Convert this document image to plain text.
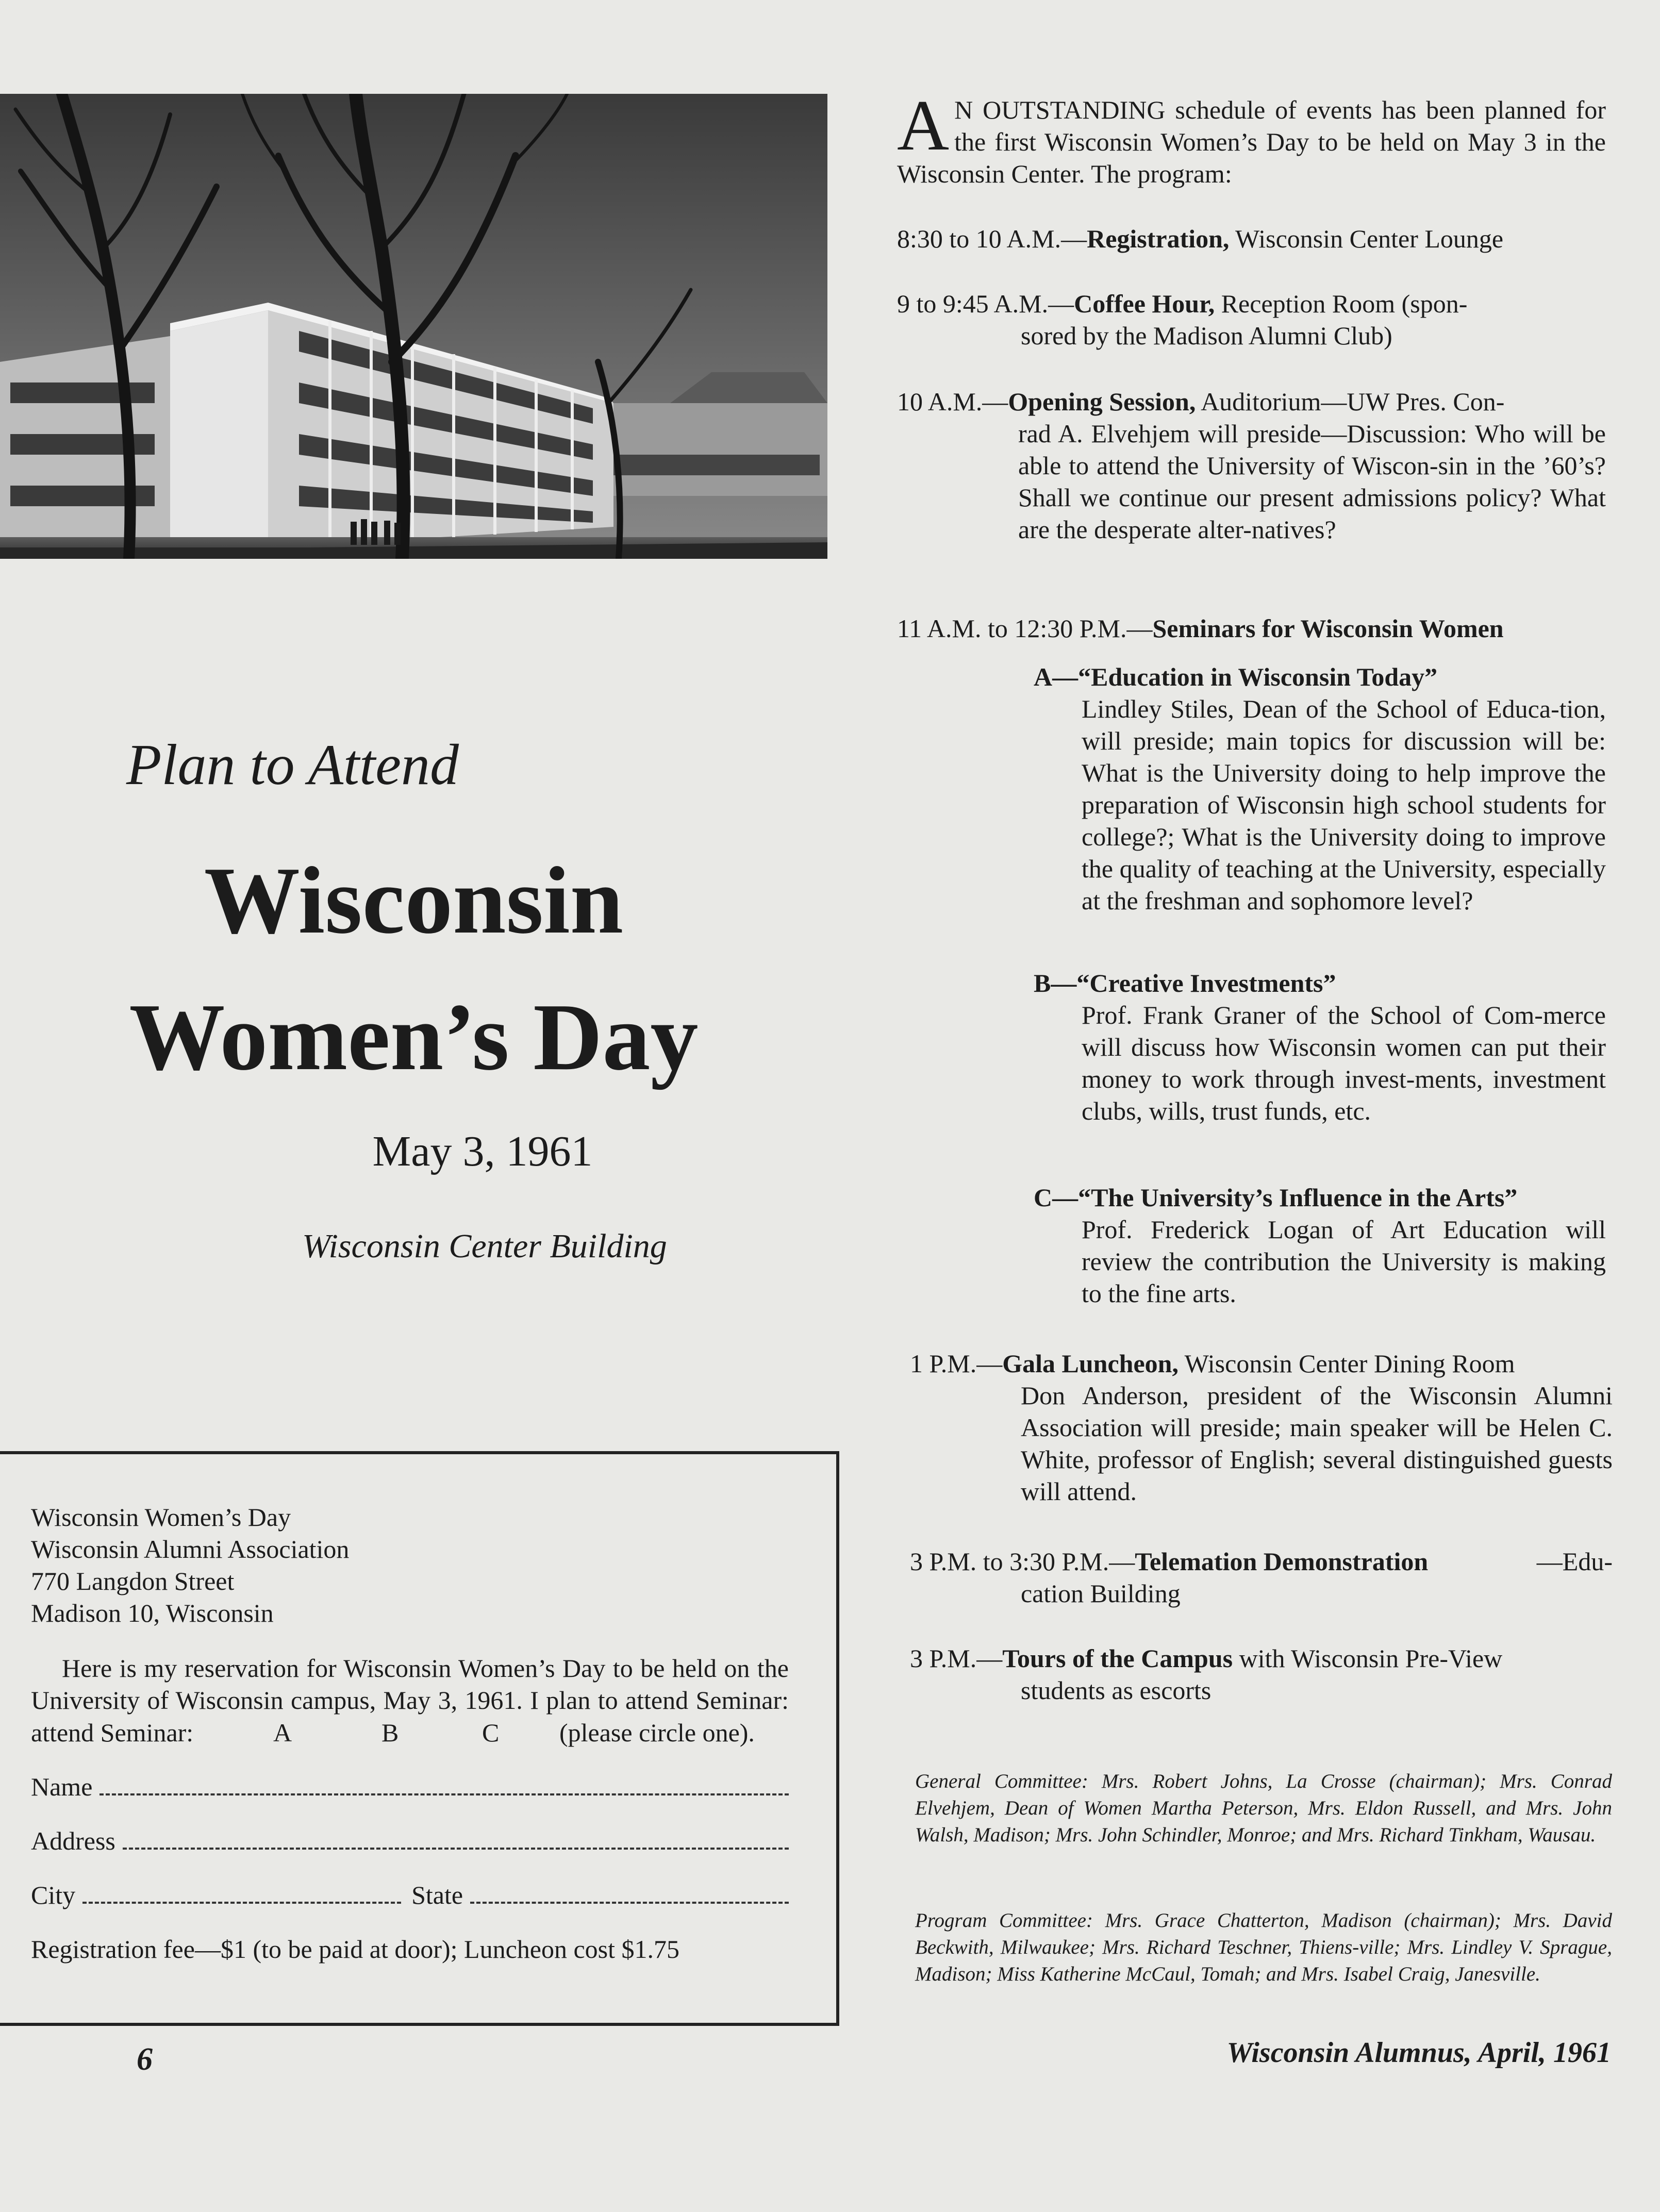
Plan to Attend
Wisconsin
Women’s Day
May 3, 1961
Wisconsin Center Building
Wisconsin Women’s Day
Wisconsin Alumni Association
770 Langdon Street
Madison 10, Wisconsin
Here is my reservation for Wisconsin Women’s Day to be held on the University of Wisconsin campus, May 3, 1961. I plan to attend Seminar:
attend Seminar:	A	B	C (please circle one).
Name
Address
City	State
Registration fee—$1 (to be paid at door); Luncheon cost $1.75
6
A N OUTSTANDING schedule of events has been planned for the first Wisconsin Women’s Day to be held on May 3 in the Wisconsin Center. The program:
8:30 to 10 A.M.—Registration, Wisconsin Center Lounge
9 to 9:45 A.M.—Coffee Hour, Reception Room (spon-
sored by the Madison Alumni Club)
10 A.M.—Opening Session, Auditorium—UW Pres. Con-
rad A. Elvehjem will preside—Discussion: Who will be able to attend the University of Wiscon-sin in the ’60’s? Shall we continue our present admissions policy? What are the desperate alter-natives?
11 A.M. to 12:30 P.M.—Seminars for Wisconsin Women
A—“Education in Wisconsin Today”
Lindley Stiles, Dean of the School of Educa-tion, will preside; main topics for discussion will be: What is the University doing to help improve the preparation of Wisconsin high school students for college?; What is the University doing to improve the quality of teaching at the University, especially at the freshman and sophomore level?
B—“Creative Investments”
Prof. Frank Graner of the School of Com-merce will discuss how Wisconsin women can put their money to work through invest-ments, investment clubs, wills, trust funds, etc.
C—“The University’s Influence in the Arts”
Prof. Frederick Logan of Art Education will review the contribution the University is making to the fine arts.
1 P.M.—Gala Luncheon, Wisconsin Center Dining Room
Don Anderson, president of the Wisconsin Alumni Association will preside; main speaker will be Helen C. White, professor of English; several distinguished guests will attend.
3 P.M. to 3:30 P.M.—Telemation Demonstration	—Edu-
cation Building
3 P.M.—Tours of the Campus with Wisconsin Pre-View
students as escorts
General Committee: Mrs. Robert Johns, La Crosse (chairman); Mrs. Conrad Elvehjem, Dean of Women Martha Peterson, Mrs. Eldon Russell, and Mrs. John Walsh, Madison; Mrs. John Schindler, Monroe; and Mrs. Richard Tinkham, Wausau.
Program Committee: Mrs. Grace Chatterton, Madison (chairman); Mrs. David Beckwith, Milwaukee; Mrs. Richard Teschner, Thiens-ville; Mrs. Lindley V. Sprague, Madison; Miss Katherine McCaul, Tomah; and Mrs. Isabel Craig, Janesville.
Wisconsin Alumnus, April, 1961
